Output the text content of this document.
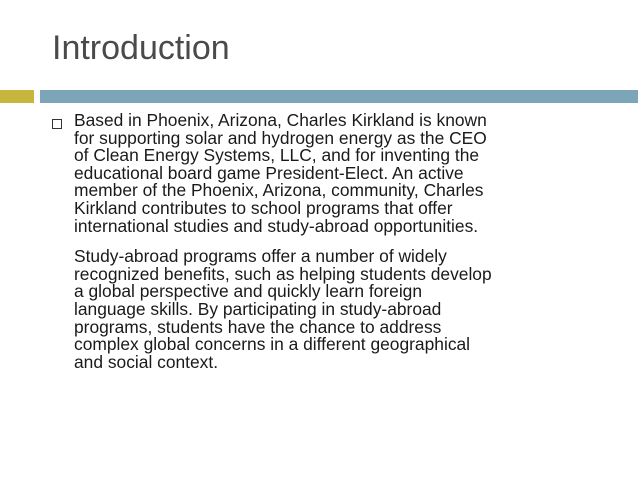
Introduction

Based in Phoenix, Arizona, Charles Kirkland is known
for supporting solar and hydrogen energy as the CEO
of Clean Energy Systems, LLC, and for inventing the
educational board game President-Elect. An active
member of the Phoenix, Arizona, community, Charles
Kirkland contributes to school programs that offer
international studies and study-abroad opportunities.

Study-abroad programs offer a number of widely
recognized benefits, such as helping students develop
a global perspective and quickly learn foreign
language skills. By participating in study-abroad
programs, students have the chance to address
complex global concerns in a different geographical
and social context.
